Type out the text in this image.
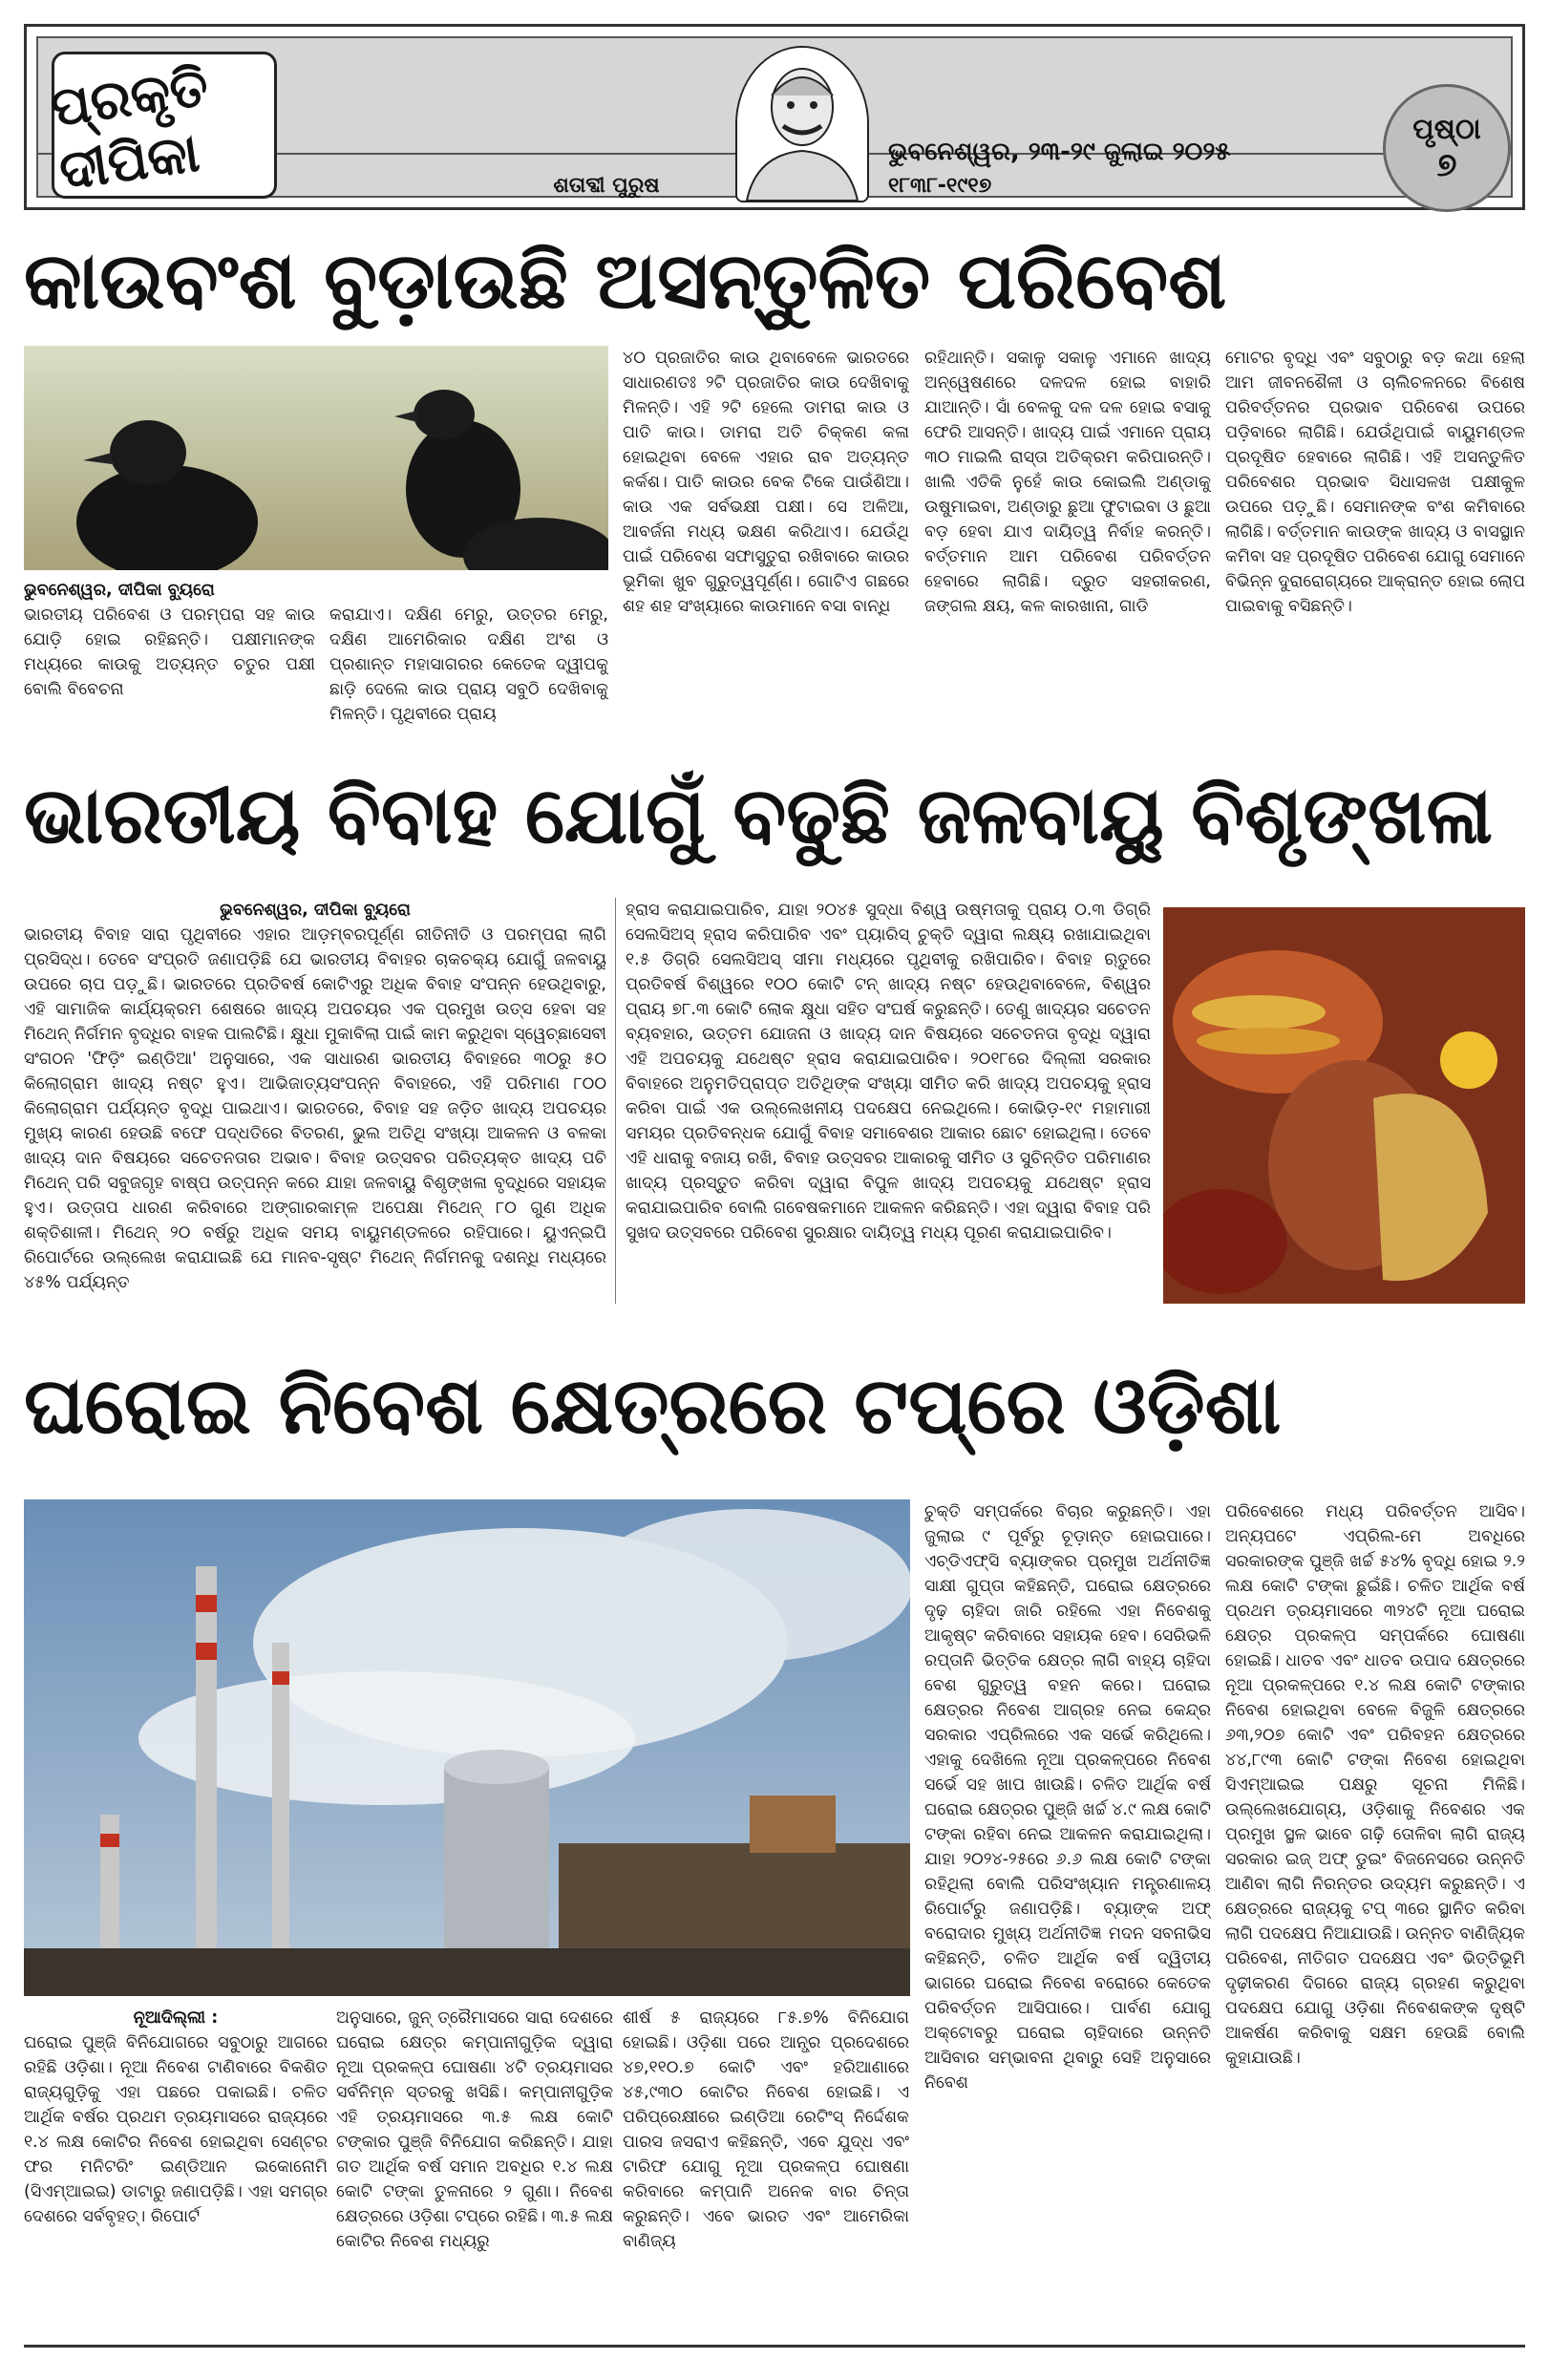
ପ୍ରକୃତି ଦୀପିକା	ଶତାବ୍ଦୀ ପୁରୁଷ
ଭୁବନେଶ୍ୱର, ୨୩-୨୯ ଜୁଲାଇ ୨୦୨୫
୧୮୩୮-୧୯୧୭
ପୃଷ୍ଠା
୭
କାଉବଂଶ ବୁଡ଼ାଉଛି ଅସନ୍ତୁଳିତ ପରିବେଶ

ଭୁବନେଶ୍ୱର, ଦୀପିକା ବ୍ୟୁରୋ

ଭାରତୀୟ ପରିବେଶ ଓ ପରମ୍ପରା ସହ କାଉ ଯୋଡ଼ି ହୋଇ ରହିଛନ୍ତି। ପକ୍ଷୀମାନଙ୍କ ମଧ୍ୟରେ କାଉକୁ ଅତ୍ୟନ୍ତ ଚତୁର ପକ୍ଷୀ ବୋଲି ବିବେଚନା

କରାଯାଏ। ଦକ୍ଷିଣ ମେରୁ, ଉତ୍ତର ମେରୁ, ଦକ୍ଷିଣ ଆମେରିକାର ଦକ୍ଷିଣ ଅଂଶ ଓ ପ୍ରଶାନ୍ତ ମହାସାଗରର କେତେକ ଦ୍ୱୀପକୁ ଛାଡ଼ି ଦେଲେ କାଉ ପ୍ରାୟ ସବୁଠି ଦେଖିବାକୁ ମିଳନ୍ତି। ପୃଥିବୀରେ ପ୍ରାୟ

୪୦ ପ୍ରଜାତିର କାଉ ଥିବାବେଳେ ଭାରତରେ ସାଧାରଣତଃ ୨ଟି ପ୍ରଜାତିର କାଉ ଦେଖିବାକୁ ମିଳନ୍ତି। ଏହି ୨ଟି ହେଲେ ଡାମରା କାଉ ଓ ପାତି କାଉ। ଡାମରା ଅତି ଚିକ୍କଣ କଳା ହୋଇଥିବା ବେଳେ ଏହାର ରାବ ଅତ୍ୟନ୍ତ କର୍କଶ। ପାତି କାଉର ବେକ ଟିକେ ପାଉଁଶିଆ। କାଉ ଏକ ସର୍ବଭକ୍ଷୀ ପକ୍ଷୀ। ସେ ଅଳିଆ, ଆବର୍ଜନା ମଧ୍ୟ ଭକ୍ଷଣ କରିଥାଏ। ଯେଉଁଥି ପାଇଁ ପରିବେଶ ସଫାସୁତୁରା ରଖିବାରେ କାଉର ଭୂମିକା ଖୁବ ଗୁରୁତ୍ୱପୂର୍ଣ୍ଣ। ଗୋଟିଏ ଗଛରେ ଶହ ଶହ ସଂଖ୍ୟାରେ କାଉମାନେ ବସା ବାନ୍ଧି

ରହିଥାନ୍ତି। ସକାଳୁ ସକାଳୁ ଏମାନେ ଖାଦ୍ୟ ଅନ୍ୱେଷଣରେ ଦଳଦଳ ହୋଇ ବାହାରି ଯାଆନ୍ତି। ସାଁ ବେଳକୁ ଦଳ ଦଳ ହୋଇ ବସାକୁ ଫେରି ଆସନ୍ତି। ଖାଦ୍ୟ ପାଇଁ ଏମାନେ ପ୍ରାୟ ୩୦ ମାଇଲି ରାସ୍ତା ଅତିକ୍ରମ କରିପାରନ୍ତି। ଖାଲି ଏତିକି ନୁହେଁ କାଉ କୋଇଲି ଅଣ୍ଡାକୁ ଉଷୁମାଇବା, ଅଣ୍ଡାରୁ ଛୁଆ ଫୁଟାଇବା ଓ ଛୁଆ ବଡ଼ ହେବା ଯାଏ ଦାୟିତ୍ୱ ନିର୍ବାହ କରନ୍ତି। ବର୍ତ୍ତମାନ ଆମ ପରିବେଶ ପରିବର୍ତ୍ତନ ହେବାରେ ଲାଗିଛି। ଦ୍ରୁତ ସହରୀକରଣ, ଜଙ୍ଗଲ କ୍ଷୟ, କଳ କାରଖାନା, ଗାଡି

ମୋଟର ବୃଦ୍ଧି ଏବଂ ସବୁଠାରୁ ବଡ଼ କଥା ହେଲା ଆମ ଜୀବନଶୈଳୀ ଓ ଚାଲିଚଳନରେ ବିଶେଷ ପରିବର୍ତ୍ତନର ପ୍ରଭାବ ପରିବେଶ ଉପରେ ପଡ଼ିବାରେ ଲାଗିଛି। ଯେଉଁଥିପାଇଁ ବାୟୁମଣ୍ଡଳ ପ୍ରଦୂଷିତ ହେବାରେ ଲାଗିଛି। ଏହି ଅସନ୍ତୁଳିତ ପରିବେଶର ପ୍ରଭାବ ସିଧାସଳଖ ପକ୍ଷୀକୁଳ ଉପରେ ପଡ଼ୁଛି। ସେମାନଙ୍କ ବଂଶ କମିବାରେ ଲାଗିଛି। ବର୍ତ୍ତମାନ କାଉଙ୍କ ଖାଦ୍ୟ ଓ ବାସସ୍ଥାନ କମିବା ସହ ପ୍ରଦୂଷିତ ପରିବେଶ ଯୋଗୁ ସେମାନେ ବିଭିନ୍ନ ଦୁରାରୋଗ୍ୟରେ ଆକ୍ରାନ୍ତ ହୋଇ ଲୋପ ପାଇବାକୁ ବସିଛନ୍ତି।

ଭାରତୀୟ ବିବାହ ଯୋଗୁଁ ବଢୁଛି ଜଳବାୟୁ ବିଶୃଙ୍ଖଳା

ଭୁବନେଶ୍ୱର, ଦୀପିକା ବ୍ୟୁରୋ

ଭାରତୀୟ ବିବାହ ସାରା ପୃଥିବୀରେ ଏହାର ଆଡ଼ମ୍ବରପୂର୍ଣ୍ଣ ରୀତିନୀତି ଓ ପରମ୍ପରା ଲାଗି ପ୍ରସିଦ୍ଧ। ତେବେ ସଂପ୍ରତି ଜଣାପଡ଼ିଛି ଯେ ଭାରତୀୟ ବିବାହର ଚାକଚକ୍ୟ ଯୋଗୁଁ ଜଳବାୟୁ ଉପରେ ଚାପ ପଡ଼ୁଛି। ଭାରତରେ ପ୍ରତିବର୍ଷ କୋଟିଏରୁ ଅଧିକ ବିବାହ ସଂପନ୍ନ ହେଉଥିବାରୁ, ଏହି ସାମାଜିକ କାର୍ଯ୍ୟକ୍ରମ ଶେଷରେ ଖାଦ୍ୟ ଅପଚୟର ଏକ ପ୍ରମୁଖ ଉତ୍ସ ହେବା ସହ ମିଥେନ୍ ନିର୍ଗମନ ବୃଦ୍ଧିର ବାହକ ପାଲଟିଛି। କ୍ଷୁଧା ମୁକାବିଲା ପାଇଁ କାମ କରୁଥିବା ସ୍ୱେଚ୍ଛାସେବୀ ସଂଗଠନ 'ଫିଡ଼ିଂ ଇଣ୍ଡିଆ' ଅନୁସାରେ, ଏକ ସାଧାରଣ ଭାରତୀୟ ବିବାହରେ ୩୦ରୁ ୫୦ କିଲୋଗ୍ରାମ ଖାଦ୍ୟ ନଷ୍ଟ ହୁଏ। ଆଭିଜାତ୍ୟସଂପନ୍ନ ବିବାହରେ, ଏହି ପରିମାଣ ୮୦୦ କିଲୋଗ୍ରାମ ପର୍ଯ୍ୟନ୍ତ ବୃଦ୍ଧି ପାଇଥାଏ। ଭାରତରେ, ବିବାହ ସହ ଜଡ଼ିତ ଖାଦ୍ୟ ଅପଚୟର ମୁଖ୍ୟ କାରଣ ହେଉଛି ବଫେ ପଦ୍ଧତିରେ ବିତରଣ, ଭୁଲ ଅତିଥି ସଂଖ୍ୟା ଆକଳନ ଓ ବଳକା ଖାଦ୍ୟ ଦାନ ବିଷୟରେ ସଚେତନତାର ଅଭାବ। ବିବାହ ଉତ୍ସବର ପରିତ୍ୟକ୍ତ ଖାଦ୍ୟ ପଚି ମିଥେନ୍ ପରି ସବୁଜଗୃହ ବାଷ୍ପ ଉତ୍ପନ୍ନ କରେ ଯାହା ଜଳବାୟୁ ବିଶୃଙ୍ଖଳା ବୃଦ୍ଧିରେ ସହାୟକ ହୁଏ। ଉତ୍ତାପ ଧାରଣ କରିବାରେ ଅଙ୍ଗାରକାମ୍ଳ ଅପେକ୍ଷା ମିଥେନ୍ ୮୦ ଗୁଣ ଅଧିକ ଶକ୍ତିଶାଳୀ। ମିଥେନ୍ ୨୦ ବର୍ଷରୁ ଅଧିକ ସମୟ ବାୟୁମଣ୍ଡଳରେ ରହିପାରେ। ୟୁଏନ୍‌ଇପି ରିପୋର୍ଟରେ ଉଲ୍ଲେଖ କରାଯାଇଛି ଯେ ମାନବ-ସୃଷ୍ଟ ମିଥେନ୍ ନିର୍ଗମନକୁ ଦଶନ୍ଧି ମଧ୍ୟରେ ୪୫% ପର୍ଯ୍ୟନ୍ତ

ହ୍ରାସ କରାଯାଇପାରିବ, ଯାହା ୨୦୪୫ ସୁଦ୍ଧା ବିଶ୍ୱ ଉଷ୍ମତାକୁ ପ୍ରାୟ ୦.୩ ଡିଗ୍ରି ସେଲସିଅସ୍ ହ୍ରାସ କରିପାରିବ ଏବଂ ପ୍ୟାରିସ୍ ଚୁକ୍ତି ଦ୍ୱାରା ଲକ୍ଷ୍ୟ ରଖାଯାଇଥିବା ୧.୫ ଡିଗ୍ରି ସେଲସିଅସ୍ ସୀମା ମଧ୍ୟରେ ପୃଥିବୀକୁ ରଖିପାରିବ। ବିବାହ ଋତୁରେ ପ୍ରତିବର୍ଷ ବିଶ୍ୱରେ ୧୦୦ କୋଟି ଟନ୍ ଖାଦ୍ୟ ନଷ୍ଟ ହେଉଥିବାବେଳେ, ବିଶ୍ୱର ପ୍ରାୟ ୭୮.୩ କୋଟି ଲୋକ କ୍ଷୁଧା ସହିତ ସଂଘର୍ଷ କରୁଛନ୍ତି। ତେଣୁ ଖାଦ୍ୟର ସଚେତନ ବ୍ୟବହାର, ଉତ୍ତମ ଯୋଜନା ଓ ଖାଦ୍ୟ ଦାନ ବିଷୟରେ ସଚେତନତା ବୃଦ୍ଧି ଦ୍ୱାରା ଏହି ଅପଚୟକୁ ଯଥେଷ୍ଟ ହ୍ରାସ କରାଯାଇପାରିବ। ୨୦୧୮ରେ ଦିଲ୍ଲୀ ସରକାର ବିବାହରେ ଅନୁମତିପ୍ରାପ୍ତ ଅତିଥିଙ୍କ ସଂଖ୍ୟା ସୀମିତ କରି ଖାଦ୍ୟ ଅପଚୟକୁ ହ୍ରାସ କରିବା ପାଇଁ ଏକ ଉଲ୍ଲେଖନୀୟ ପଦକ୍ଷେପ ନେଇଥିଲେ। କୋଭିଡ଼-୧୯ ମହାମାରୀ ସମୟର ପ୍ରତିବନ୍ଧକ ଯୋଗୁଁ ବିବାହ ସମାବେଶର ଆକାର ଛୋଟ ହୋଇଥିଲା। ତେବେ ଏହି ଧାରାକୁ ବଜାୟ ରଖି, ବିବାହ ଉତ୍ସବର ଆକାରକୁ ସୀମିତ ଓ ସୁଚିନ୍ତିତ ପରିମାଣର ଖାଦ୍ୟ ପ୍ରସ୍ତୁତ କରିବା ଦ୍ୱାରା ବିପୁଳ ଖାଦ୍ୟ ଅପଚୟକୁ ଯଥେଷ୍ଟ ହ୍ରାସ କରାଯାଇପାରିବ ବୋଲି ଗବେଷକମାନେ ଆକଳନ କରିଛନ୍ତି। ଏହା ଦ୍ୱାରା ବିବାହ ପରି ସୁଖଦ ଉତ୍ସବରେ ପରିବେଶ ସୁରକ୍ଷାର ଦାୟିତ୍ୱ ମଧ୍ୟ ପୂରଣ କରାଯାଇପାରିବ।

ଘରୋଇ ନିବେଶ କ୍ଷେତ୍ରରେ ଟପ୍‌ରେ ଓଡ଼ିଶା

ନୂଆଦିଲ୍ଲୀ :

ଘରୋଇ ପୁଞ୍ଜି ବିନିଯୋଗରେ ସବୁଠାରୁ ଆଗରେ ରହିଛି ଓଡ଼ିଶା। ନୂଆ ନିବେଶ ଟାଣିବାରେ ବିକଶିତ ରାଜ୍ୟଗୁଡ଼ିକୁ ଏହା ପଛରେ ପକାଇଛି। ଚଳିତ ଆର୍ଥିକ ବର୍ଷର ପ୍ରଥମ ତ୍ରୟମାସରେ ରାଜ୍ୟରେ ୧.୪ ଲକ୍ଷ କୋଟିର ନିବେଶ ହୋଇଥିବା ସେଣ୍ଟର ଫର ମନିଟରିଂ ଇଣ୍ଡିଆନ ଇକୋନୋମି (ସିଏମ୍‌ଆଇଇ) ଡାଟାରୁ ଜଣାପଡ଼ିଛି। ଏହା ସମଗ୍ର ଦେଶରେ ସର୍ବବୃହତ୍। ରିପୋର୍ଟ

ଅନୁସାରେ, ଜୁନ୍ ତ୍ରୈମାସରେ ସାରା ଦେଶରେ ଘରୋଇ କ୍ଷେତ୍ର କମ୍ପାନୀଗୁଡ଼ିକ ଦ୍ୱାରା ନୂଆ ପ୍ରକଳ୍ପ ଘୋଷଣା ୪ଟି ତ୍ରୟମାସର ସର୍ବନିମ୍ନ ସ୍ତରକୁ ଖସିଛି। କମ୍ପାନୀଗୁଡ଼ିକ ଏହି ତ୍ରୟମାସରେ ୩.୫ ଲକ୍ଷ କୋଟି ଟଙ୍କାର ପୁଞ୍ଜି ବିନିଯୋଗ କରିଛନ୍ତି। ଯାହା ଗତ ଆର୍ଥିକ ବର୍ଷ ସମାନ ଅବଧିର ୧.୪ ଲକ୍ଷ କୋଟି ଟଙ୍କା ତୁଳନାରେ ୨ ଗୁଣା। ନିବେଶ କ୍ଷେତ୍ରରେ ଓଡ଼ିଶା ଟପ୍‌ରେ ରହିଛି। ୩.୫ ଲକ୍ଷ କୋଟିର ନିବେଶ ମଧ୍ୟରୁ

ଶୀର୍ଷ ୫ ରାଜ୍ୟରେ ୮୫.୭% ବିନିଯୋଗ ହୋଇଛି। ଓଡ଼ିଶା ପରେ ଆନ୍ଧ୍ର ପ୍ରଦେଶରେ ୪୭,୧୧୦.୭ କୋଟି ଏବଂ ହରିଆଣାରେ ୪୫,୯୩୦ କୋଟିର ନିବେଶ ହୋଇଛି। ଏ ପରିପ୍ରେକ୍ଷୀରେ ଇଣ୍ଡିଆ ରେଟିଂସ୍ ନିର୍ଦ୍ଦେଶକ ପାରସ ଜସରାଏ କହିଛନ୍ତି, ଏବେ ଯୁଦ୍ଧ ଏବଂ ଟାରିଫ ଯୋଗୁ ନୂଆ ପ୍ରକଳ୍ପ ଘୋଷଣା କରିବାରେ କମ୍ପାନି ଅନେକ ବାର ଚିନ୍ତା କରୁଛନ୍ତି। ଏବେ ଭାରତ ଏବଂ ଆମେରିକା ବାଣିଜ୍ୟ

ଚୁକ୍ତି ସମ୍ପର୍କରେ ବିଚାର କରୁଛନ୍ତି। ଏହା ଜୁଲାଇ ୯ ପୂର୍ବରୁ ଚୂଡ଼ାନ୍ତ ହୋଇପାରେ। ଏଚ୍‌ଡିଏଫ୍‌ସି ବ୍ୟାଙ୍କର ପ୍ରମୁଖ ଅର୍ଥନୀତିଜ୍ଞ ସାକ୍ଷୀ ଗୁପ୍ତା କହିଛନ୍ତି, ଘରୋଇ କ୍ଷେତ୍ରରେ ଦୃଢ଼ ଚାହିଦା ଜାରି ରହିଲେ ଏହା ନିବେଶକୁ ଆକୃଷ୍ଟ କରିବାରେ ସହାୟକ ହେବ। ସେରିଭଳି ରପ୍ତାନି ଭିତ୍ତିକ କ୍ଷେତ୍ର ଲାଗି ବାହ୍ୟ ଚାହିଦା ବେଶ ଗୁରୁତ୍ୱ ବହନ କରେ। ଘରୋଇ କ୍ଷେତ୍ରର ନିବେଶ ଆଗ୍ରହ ନେଇ କେନ୍ଦ୍ର ସରକାର ଏପ୍ରିଲରେ ଏକ ସର୍ଭେ କରିଥିଲେ। ଏହାକୁ ଦେଖିଲେ ନୂଆ ପ୍ରକଳ୍ପରେ ନିବେଶ ସର୍ଭେ ସହ ଖାପ ଖାଉଛି। ଚଳିତ ଆର୍ଥିକ ବର୍ଷ ଘରୋଇ କ୍ଷେତ୍ରର ପୁଞ୍ଜି ଖର୍ଚ୍ଚ ୪.୯ ଲକ୍ଷ କୋଟି ଟଙ୍କା ରହିବା ନେଇ ଆକଳନ କରାଯାଇଥିଲା। ଯାହା ୨୦୨୪-୨୫ରେ ୬.୬ ଲକ୍ଷ କୋଟି ଟଙ୍କା ରହିଥିଲା ବୋଲି ପରିସଂଖ୍ୟାନ ମନ୍ତ୍ରଣାଳୟ ରିପୋର୍ଟରୁ ଜଣାପଡ଼ିଛି। ବ୍ୟାଙ୍କ ଅଫ୍ ବରୋଦାର ମୁଖ୍ୟ ଅର୍ଥନୀତିଜ୍ଞ ମଦନ ସବନାଭିସ କହିଛନ୍ତି, ଚଳିତ ଆର୍ଥିକ ବର୍ଷ ଦ୍ୱିତୀୟ ଭାଗରେ ଘରୋଇ ନିବେଶ ବରୋରେ କେତେକ ପରିବର୍ତ୍ତନ ଆସିପାରେ। ପାର୍ବଣ ଯୋଗୁ ଅକ୍ଟୋବରୁ ଘରୋଇ ଚାହିଦାରେ ଉନ୍ନତି ଆସିବାର ସମ୍ଭାବନା ଥିବାରୁ ସେହି ଅନୁସାରେ ନିବେଶ

ପରିବେଶରେ ମଧ୍ୟ ପରିବର୍ତ୍ତନ ଆସିବ। ଅନ୍ୟପଟେ ଏପ୍ରିଲ-ମେ ଅବଧିରେ ସରକାରଙ୍କ ପୁଞ୍ଜି ଖର୍ଚ୍ଚ ୫୪% ବୃଦ୍ଧି ହୋଇ ୨.୨ ଲକ୍ଷ କୋଟି ଟଙ୍କା ଛୁଇଁଛି। ଚଳିତ ଆର୍ଥିକ ବର୍ଷ ପ୍ରଥମ ତ୍ରୟମାସରେ ୩୨୪ଟି ନୂଆ ଘରୋଇ କ୍ଷେତ୍ର ପ୍ରକଳ୍ପ ସମ୍ପର୍କରେ ଘୋଷଣା ହୋଇଛି। ଧାତବ ଏବଂ ଧାତବ ଉପାଦ କ୍ଷେତ୍ରରେ ନୂଆ ପ୍ରକଳ୍ପରେ ୧.୪ ଲକ୍ଷ କୋଟି ଟଙ୍କାର ନିବେଶ ହୋଇଥିବା ବେଳେ ବିଜୁଳି କ୍ଷେତ୍ରରେ ୬୩,୨୦୭ କୋଟି ଏବଂ ପରିବହନ କ୍ଷେତ୍ରରେ ୪୪,୮୯୩ କୋଟି ଟଙ୍କା ନିବେଶ ହୋଇଥିବା ସିଏମ୍‌ଆଇଇ ପକ୍ଷରୁ ସୂଚନା ମିଳିଛି। ଉଲ୍ଲେଖଯୋଗ୍ୟ, ଓଡ଼ିଶାକୁ ନିବେଶର ଏକ ପ୍ରମୁଖ ସ୍ଥଳ ଭାବେ ଗଢ଼ି ତୋଳିବା ଲାଗି ରାଜ୍ୟ ସରକାର ଇଜ୍ ଅଫ୍ ଡୁଇଂ ବିଜନେସରେ ଉନ୍ନତି ଆଣିବା ଲାଗି ନିରନ୍ତର ଉଦ୍ୟମ କରୁଛନ୍ତି। ଏ କ୍ଷେତ୍ରରେ ରାଜ୍ୟକୁ ଟପ୍ ୩ରେ ସ୍ଥାନିତ କରିବା ଲାଗି ପଦକ୍ଷେପ ନିଆଯାଉଛି। ଉନ୍ନତ ବାଣିଜ୍ୟିକ ପରିବେଶ, ନୀତିଗତ ପଦକ୍ଷେପ ଏବଂ ଭିତ୍ତିଭୂମି ଦୃଢ଼ୀକରଣ ଦିଗରେ ରାଜ୍ୟ ଗ୍ରହଣ କରୁଥିବା ପଦକ୍ଷେପ ଯୋଗୁ ଓଡ଼ିଶା ନିବେଶକଙ୍କ ଦୃଷ୍ଟି ଆକର୍ଷଣ କରିବାକୁ ସକ୍ଷମ ହେଉଛି ବୋଲି କୁହାଯାଉଛି।
